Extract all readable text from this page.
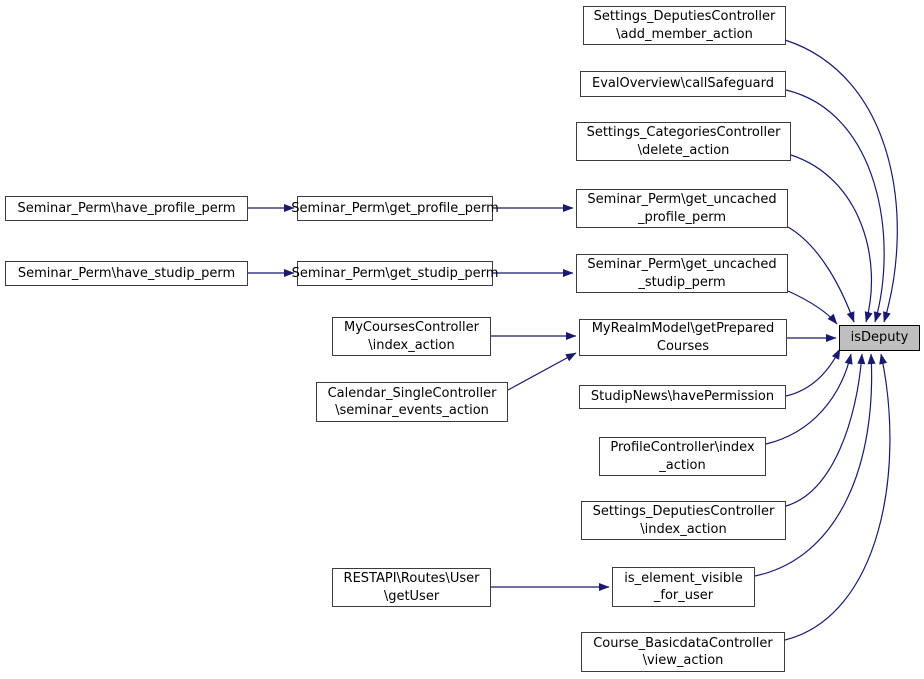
Settings_DeputiesController
\add_member_action
EvalOverview\callSafeguard
Settings_CategoriesController
\delete_action
Seminar_Perm\have_profile_perm	Seminar_Perm\get_profile_perm
Seminar_Perm\get_uncached
_profile_perm
Seminar_Perm\have_studip_perm	Seminar_Perm\get_studip_perm
Seminar_Perm\get_uncached
_studip_perm
MyCoursesController
\index_action
MyRealmModel\getPrepared
Courses
Calendar_SingleController
\seminar_events_action
isDeputy
StudipNews\havePermission
ProfileController\index
_action
Settings_DeputiesController
\index_action
RESTAPI\Routes\User
\getUser
is_element_visible
_for_user
Course_BasicdataController
\view_action
